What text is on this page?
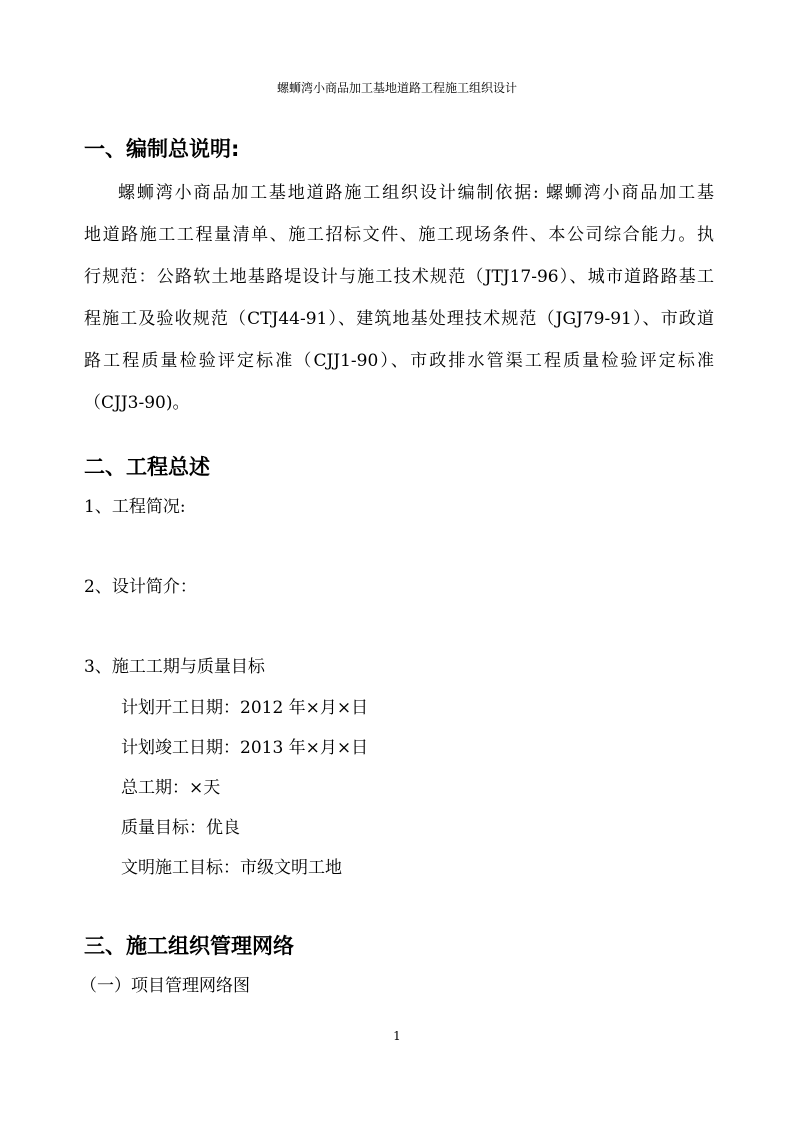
螺蛳湾小商品加工基地道路工程施工组织设计
一、编制总说明:

螺蛳湾小商品加工基地道路施工组织设计编制依据: 螺蛳湾小商品加工基
地道路施工工程量清单、施工招标文件、施工现场条件、本公司综合能力。执
行规范：公路软土地基路堤设计与施工技术规范（JTJ17-96）、城市道路路基工
程施工及验收规范（CTJ44-91）、建筑地基处理技术规范（JGJ79-91）、市政道
路工程质量检验评定标准（CJJ1-90）、市政排水管渠工程质量检验评定标准
（CJJ3-90)。

二、工程总述

1、工程简况:

2、设计简介：

3、施工工期与质量目标

计划开工日期：2012 年×月×日

计划竣工日期：2013 年×月×日

总工期：×天

质量目标：优良

文明施工目标：市级文明工地

三、施工组织管理网络

（一）项目管理网络图

1
